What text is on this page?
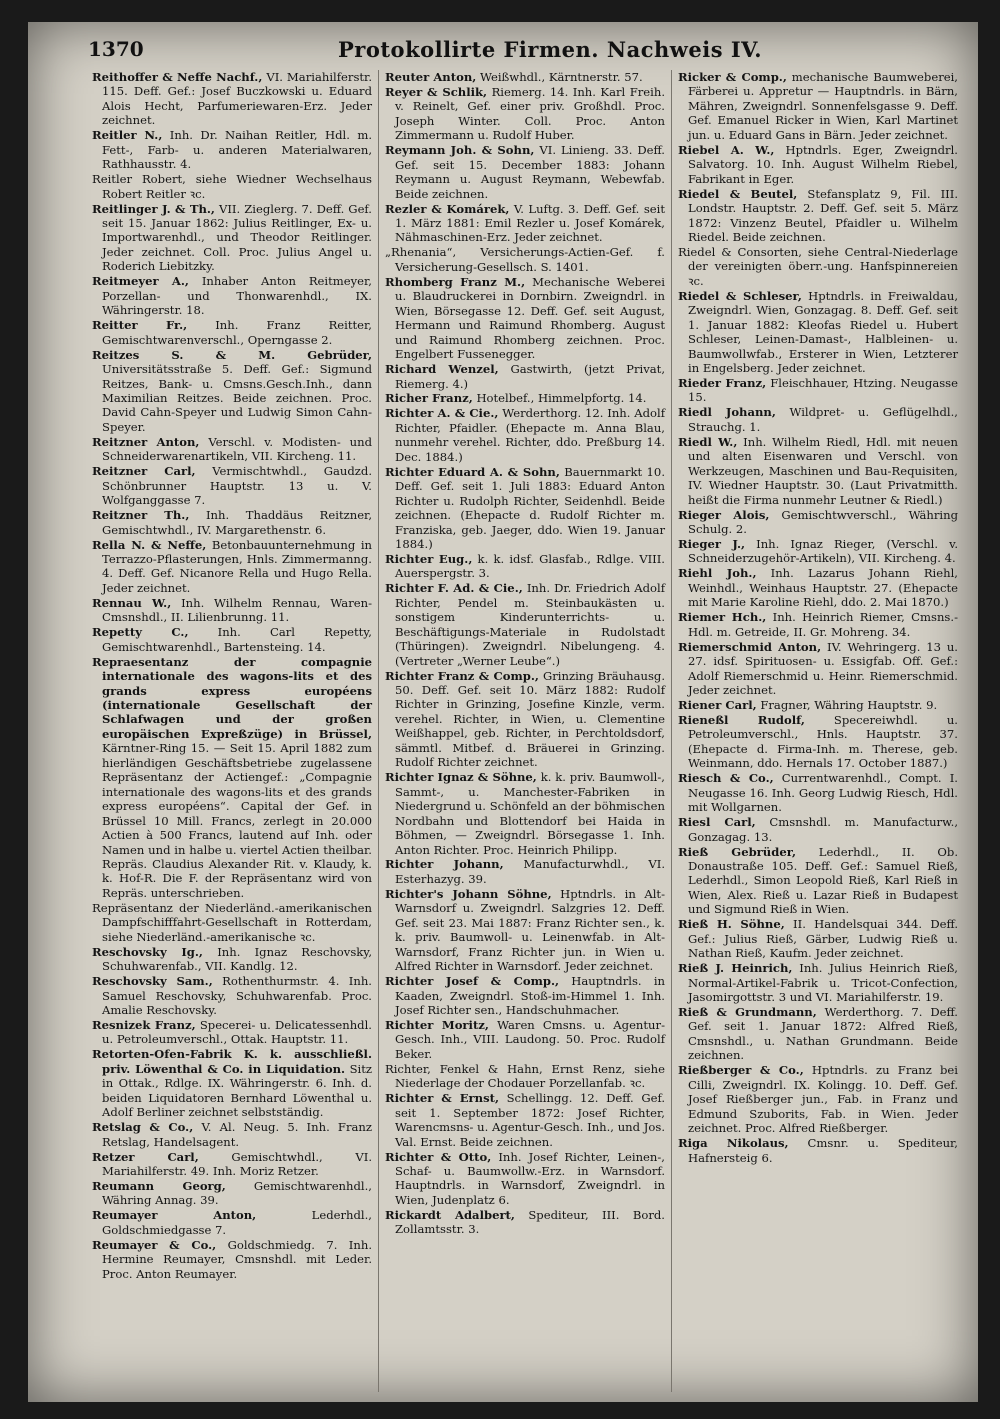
1370	Protokollirte Firmen. Nachweis IV.

Reithoffer & Neffe Nachf., VI. Mariahilferstr. 115. Deff. Gef.: Josef Buczkowski u. Eduard Alois Hecht, Parfumeriewaren-Erz. Jeder zeichnet.

Reitler N., Inh. Dr. Naihan Reitler, Hdl. m. Fett-, Farb- u. anderen Materialwaren, Rathhausstr. 4.

Reitler Robert, siehe Wiedner Wechselhaus Robert Reitler ꝛc.

Reitlinger J. & Th., VII. Zieglerg. 7. Deff. Gef. seit 15. Januar 1862: Julius Reitlinger, Ex- u. Importwarenhdl., und Theodor Reitlinger. Jeder zeichnet. Coll. Proc. Julius Angel u. Roderich Liebitzky.

Reitmeyer A., Inhaber Anton Reitmeyer, Porzellan- und Thonwarenhdl., IX. Währingerstr. 18.

Reitter Fr., Inh. Franz Reitter, Gemischtwarenverschl., Operngasse 2.

Reitzes S. & M. Gebrüder, Universitätsstraße 5. Deff. Gef.: Sigmund Reitzes, Bank- u. Cmsns.Gesch.Inh., dann Maximilian Reitzes. Beide zeichnen. Proc. David Cahn-Speyer und Ludwig Simon Cahn-Speyer.

Reitzner Anton, Verschl. v. Modisten- und Schneiderwarenartikeln, VII. Kircheng. 11.

Reitzner Carl, Vermischtwhdl., Gaudzd. Schönbrunner Hauptstr. 13 u. V. Wolfganggasse 7.

Reitzner Th., Inh. Thaddäus Reitzner, Gemischtwhdl., IV. Margarethenstr. 6.

Rella N. & Neffe, Betonbauunternehmung in Terrazzo-Pflasterungen, Hnls. Zimmermanng. 4. Deff. Gef. Nicanore Rella und Hugo Rella. Jeder zeichnet.

Rennau W., Inh. Wilhelm Rennau, Waren-Cmsnshdl., II. Lilienbrunng. 11.

Repetty C.,	Inh. Carl Repetty, Gemischtwarenhdl., Bartensteing. 14.

Repraesentanz der compagnie internationale des wagons-lits et des grands express européens (internationale Gesellschaft der Schlafwagen und der großen europäischen Expreßzüge) in Brüssel, Kärntner-Ring 15. — Seit 15. April 1882 zum hierländigen Geschäftsbetriebe zugelassene Repräsentanz der Actiengef.: „Compagnie internationale des wagons-lits et des grands express européens“. Capital der Gef. in Brüssel 10 Mill. Francs, zerlegt in 20.000 Actien à 500 Francs, lautend auf Inh. oder Namen und in halbe u. viertel Actien theilbar. Repräs. Claudius Alexander Rit. v. Klaudy, k. k. Hof-R. Die F. der Repräsentanz wird von Repräs. unterschrieben.

Repräsentanz der Niederländ.-amerikanischen Dampfschifffahrt-Gesellschaft in Rotterdam, siehe Niederländ.-amerikanische ꝛc.

Reschovsky Ig., Inh. Ignaz Reschovsky, Schuhwarenfab., VII. Kandlg. 12.

Reschovsky Sam., Rothenthurmstr. 4. Inh. Samuel Reschovsky, Schuhwarenfab. Proc. Amalie Reschovsky.

Resnizek Franz, Specerei- u. Delicatessenhdl. u. Petroleumverschl., Ottak. Hauptstr. 11.

Retorten-Ofen-Fabrik K. k. ausschließl. priv. Löwenthal & Co. in Liquidation. Sitz in Ottak., Rdlge. IX. Währingerstr. 6. Inh. d. beiden Liquidatoren Bernhard Löwenthal u. Adolf Berliner zeichnet selbstständig.

Retslag & Co., V. Al. Neug. 5. Inh. Franz Retslag, Handelsagent.

Retzer Carl,	Gemischtwhdl., VI. Mariahilferstr. 49. Inh. Moriz Retzer.

Reumann Georg, Gemischtwarenhdl., Währing Annag. 39.

Reumayer Anton,	Lederhdl., Goldschmiedgasse 7.

Reumayer & Co., Goldschmiedg. 7. Inh. Hermine Reumayer, Cmsnshdl. mit Leder. Proc. Anton Reumayer.

Reuter Anton, Weißwhdl., Kärntnerstr. 57.

Reyer & Schlik, Riemerg. 14. Inh. Karl Freih. v. Reinelt, Gef. einer priv. Großhdl. Proc. Joseph Winter. Coll. Proc. Anton Zimmermann u. Rudolf Huber.

Reymann Joh. & Sohn, VI. Linieng. 33. Deff. Gef. seit 15. December 1883: Johann Reymann u. August Reymann, Webewfab. Beide zeichnen.

Rezler & Komárek, V. Luftg. 3. Deff. Gef. seit 1. März 1881: Emil Rezler u. Josef Komárek, Nähmaschinen-Erz. Jeder zeichnet.

„Rhenania“, Versicherungs-Actien-Gef. f. Versicherung-Gesellsch. S. 1401.

Rhomberg Franz M., Mechanische Weberei u. Blaudruckerei in Dornbirn. Zweigndrl. in Wien, Börsegasse 12. Deff. Gef. seit August, Hermann und Raimund Rhomberg. August und Raimund Rhomberg zeichnen. Proc. Engelbert Fussenegger.

Richard Wenzel, Gastwirth, (jetzt Privat, Riemerg. 4.)

Richer Franz, Hotelbef., Himmelpfortg. 14.

Richter A. & Cie., Werderthorg. 12. Inh. Adolf Richter, Pfaidler. (Ehepacte m. Anna Blau, nunmehr verehel. Richter, ddo. Preßburg 14. Dec. 1884.)

Richter Eduard A. & Sohn, Bauernmarkt 10. Deff. Gef. seit 1. Juli 1883: Eduard Anton Richter u. Rudolph Richter, Seidenhdl. Beide zeichnen. (Ehepacte d. Rudolf Richter m. Franziska, geb. Jaeger, ddo. Wien 19. Januar 1884.)

Richter Eug., k. k. idsf. Glasfab., Rdlge. VIII. Auerspergstr. 3.

Richter F. Ad. & Cie., Inh. Dr. Friedrich Adolf Richter, Pendel m. Steinbaukästen u. sonstigem Kinderunterrichts- u. Beschäftigungs-Materiale in Rudolstadt (Thüringen). Zweigndrl. Nibelungeng. 4. (Vertreter „Werner Leube“.)

Richter Franz & Comp., Grinzing Bräuhausg. 50. Deff. Gef. seit 10. März 1882: Rudolf Richter in Grinzing, Josefine Kinzle, verm. verehel. Richter, in Wien, u. Clementine Weißhappel, geb. Richter, in Perchtoldsdorf, sämmtl. Mitbef. d. Bräuerei in Grinzing. Rudolf Richter zeichnet.

Richter Ignaz & Söhne, k. k. priv. Baumwoll-, Sammt-, u. Manchester-Fabriken in Niedergrund u. Schönfeld an der böhmischen Nordbahn und Blottendorf bei Haida in Böhmen, — Zweigndrl. Börsegasse 1. Inh. Anton Richter. Proc. Heinrich Philipp.

Richter Johann, Manufacturwhdl., VI. Esterhazyg. 39.

Richter's Johann Söhne, Hptndrls. in Alt-Warnsdorf u. Zweigndrl. Salzgries 12. Deff. Gef. seit 23. Mai 1887: Franz Richter sen., k. k. priv. Baumwoll- u. Leinenwfab. in Alt-Warnsdorf, Franz Richter jun. in Wien u. Alfred Richter in Warnsdorf. Jeder zeichnet.

Richter Josef & Comp., Hauptndrls. in Kaaden, Zweigndrl. Stoß-im-Himmel 1. Inh. Josef Richter sen., Handschuhmacher.

Richter Moritz, Waren Cmsns. u. Agentur-Gesch. Inh., VIII. Laudong. 50. Proc. Rudolf Beker.

Richter, Fenkel & Hahn, Ernst Renz, siehe Niederlage der Chodauer Porzellanfab. ꝛc.

Richter & Ernst, Schellingg. 12. Deff. Gef. seit 1. September 1872: Josef Richter, Warencmsns- u. Agentur-Gesch. Inh., und Jos. Val. Ernst. Beide zeichnen.

Richter & Otto, Inh. Josef Richter, Leinen-, Schaf- u. Baumwollw.-Erz. in Warnsdorf. Hauptndrls. in Warnsdorf, Zweigndrl. in Wien, Judenplatz 6.

Rickardt Adalbert, Spediteur, III. Bord. Zollamtsstr. 3.

Ricker & Comp., mechanische Baumweberei, Färberei u. Appretur — Hauptndrls. in Bärn, Mähren, Zweigndrl. Sonnenfelsgasse 9. Deff. Gef. Emanuel Ricker in Wien, Karl Martinet jun. u. Eduard Gans in Bärn. Jeder zeichnet.

Riebel A. W., Hptndrls. Eger, Zweigndrl. Salvatorg. 10. Inh. August Wilhelm Riebel, Fabrikant in Eger.

Riedel & Beutel, Stefansplatz 9, Fil. III. Londstr. Hauptstr. 2. Deff. Gef. seit 5. März 1872: Vinzenz Beutel, Pfaidler u. Wilhelm Riedel. Beide zeichnen.

Riedel & Consorten, siehe Central-Niederlage der vereinigten öberr.-ung. Hanfspinnereien ꝛc.

Riedel & Schleser, Hptndrls. in Freiwaldau, Zweigndrl. Wien, Gonzagag. 8. Deff. Gef. seit 1. Januar 1882: Kleofas Riedel u. Hubert Schleser, Leinen-Damast-, Halbleinen- u. Baumwollwfab., Ersterer in Wien, Letzterer in Engelsberg. Jeder zeichnet.

Rieder Franz, Fleischhauer, Htzing. Neugasse 15.

Riedl Johann, Wildpret- u. Geflügelhdl., Strauchg. 1.

Riedl W., Inh. Wilhelm Riedl, Hdl. mit neuen und alten Eisenwaren und Verschl. von Werkzeugen, Maschinen und Bau-Requisiten, IV. Wiedner Hauptstr. 30. (Laut Privatmitth. heißt die Firma nunmehr Leutner & Riedl.)

Rieger Alois, Gemischtwverschl., Währing Schulg. 2.

Rieger J., Inh. Ignaz Rieger, (Verschl. v. Schneiderzugehör-Artikeln), VII. Kircheng. 4.

Riehl Joh., Inh. Lazarus Johann Riehl, Weinhdl., Weinhaus Hauptstr. 27. (Ehepacte mit Marie Karoline Riehl, ddo. 2. Mai 1870.)

Riemer Hch., Inh. Heinrich Riemer, Cmsns.-Hdl. m. Getreide, II. Gr. Mohreng. 34.

Riemerschmid Anton, IV. Wehringerg. 13 u. 27. idsf. Spirituosen- u. Essigfab. Off. Gef.: Adolf Riemerschmid u. Heinr. Riemerschmid. Jeder zeichnet.

Riener Carl, Fragner, Währing Hauptstr. 9.

Rieneßl Rudolf,	Specereiwhdl. u. Petroleumverschl., Hnls. Hauptstr. 37. (Ehepacte d. Firma-Inh. m. Therese, geb. Weinmann, ddo. Hernals 17. October 1887.)

Riesch & Co., Currentwarenhdl., Compt. I. Neugasse 16. Inh. Georg Ludwig Riesch, Hdl. mit Wollgarnen.

Riesl Carl, Cmsnshdl. m. Manufacturw., Gonzagag. 13.

Rieß Gebrüder, Lederhdl., II. Ob. Donaustraße 105. Deff. Gef.: Samuel Rieß, Lederhdl., Simon Leopold Rieß, Karl Rieß in Wien, Alex. Rieß u. Lazar Rieß in Budapest und Sigmund Rieß in Wien.

Rieß H. Söhne, II. Handelsquai 344. Deff. Gef.: Julius Rieß, Gärber, Ludwig Rieß u. Nathan Rieß, Kaufm. Jeder zeichnet.

Rieß J. Heinrich, Inh. Julius Heinrich Rieß, Normal-Artikel-Fabrik u. Tricot-Confection, Jasomirgottstr. 3 und VI. Mariahilferstr. 19.

Rieß & Grundmann, Werderthorg. 7. Deff. Gef. seit 1. Januar 1872: Alfred Rieß, Cmsnshdl., u. Nathan Grundmann. Beide zeichnen.

Rießberger & Co., Hptndrls. zu Franz bei Cilli, Zweigndrl. IX. Kolingg. 10. Deff. Gef. Josef Rießberger jun., Fab. in Franz und Edmund Szuborits, Fab. in Wien. Jeder zeichnet. Proc. Alfred Rießberger.

Riga Nikolaus, Cmsnr. u. Spediteur, Hafnersteig 6.
